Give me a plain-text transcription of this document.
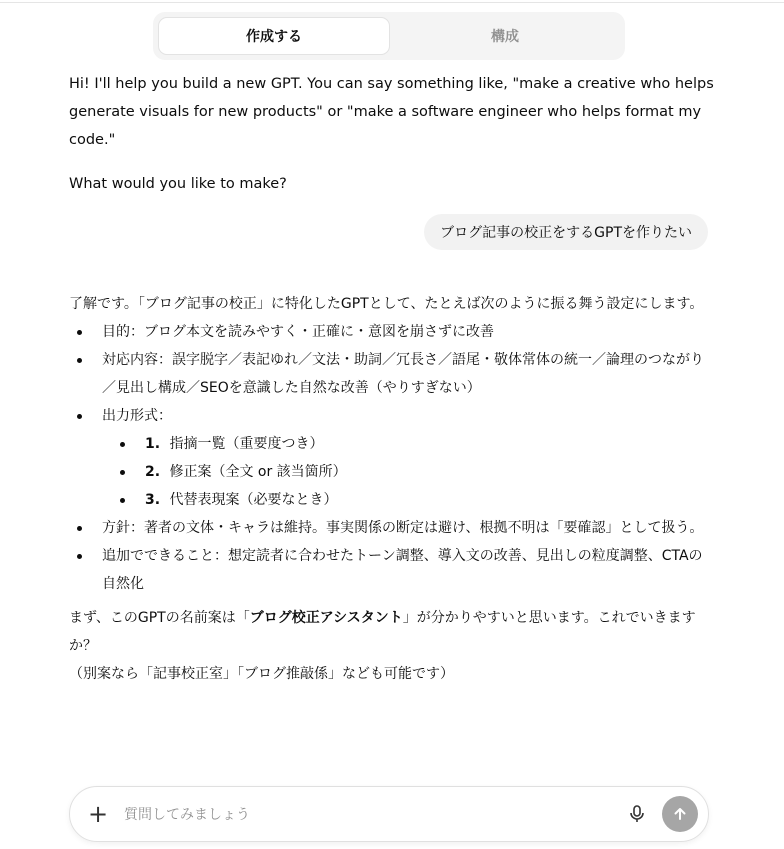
作成する	構成

Hi! I'll help you build a new GPT. You can say something like, "make a creative who helps generate visuals for new products" or "make a software engineer who helps format my code."

What would you like to make?

ブログ記事の校正をするGPTを作りたい

了解です。「ブログ記事の校正」に特化したGPTとして、たとえば次のように振る舞う設定にします。

目的：ブログ本文を読みやすく・正確に・意図を崩さずに改善
対応内容：誤字脱字／表記ゆれ／文法・助詞／冗長さ／語尾・敬体常体の統一／論理のつながり／見出し構成／SEOを意識した自然な改善（やりすぎない）
出力形式：
1. 指摘一覧（重要度つき）
2. 修正案（全文 or 該当箇所）
3. 代替表現案（必要なとき）
方針：著者の文体・キャラは維持。事実関係の断定は避け、根拠不明は「要確認」として扱う。
追加でできること：想定読者に合わせたトーン調整、導入文の改善、見出しの粒度調整、CTAの自然化

まず、このGPTの名前案は「ブログ校正アシスタント」が分かりやすいと思います。これでいきますか？

（別案なら「記事校正室」「ブログ推敲係」なども可能です）

+ 質問してみましょう
